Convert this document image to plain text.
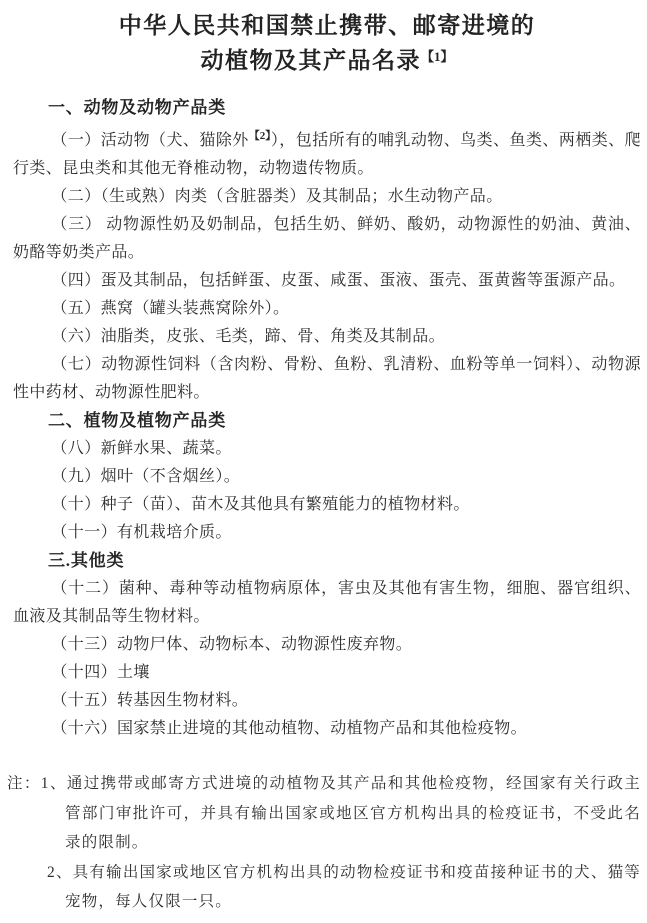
中华人民共和国禁止携带、邮寄进境的
动植物及其产品名录$^{【1】}$
一、动物及动物产品类

（一）活动物（犬、猫除外$^{【2】}$），包括所有的哺乳动物、鸟类、鱼类、两栖类、爬行类、昆虫类和其他无脊椎动物，动物遗传物质。

（二）（生或熟）肉类（含脏器类）及其制品；水生动物产品。

（三） 动物源性奶及奶制品，包括生奶、鲜奶、酸奶，动物源性的奶油、黄油、奶酪等奶类产品。

（四）蛋及其制品，包括鲜蛋、皮蛋、咸蛋、蛋液、蛋壳、蛋黄酱等蛋源产品。

（五）燕窝（罐头装燕窝除外）。

（六）油脂类，皮张、毛类，蹄、骨、角类及其制品。

（七）动物源性饲料（含肉粉、骨粉、鱼粉、乳清粉、血粉等单一饲料）、动物源性中药材、动物源性肥料。

二、植物及植物产品类

（八）新鲜水果、蔬菜。

（九）烟叶（不含烟丝）。

（十）种子（苗）、苗木及其他具有繁殖能力的植物材料。

（十一）有机栽培介质。

三.其他类

（十二）菌种、毒种等动植物病原体，害虫及其他有害生物，细胞、器官组织、血液及其制品等生物材料。

（十三）动物尸体、动物标本、动物源性废弃物。

（十四）土壤

（十五）转基因生物材料。

（十六）国家禁止进境的其他动植物、动植物产品和其他检疫物。

注：1、通过携带或邮寄方式进境的动植物及其产品和其他检疫物，经国家有关行政主管部门审批许可，并具有输出国家或地区官方机构出具的检疫证书，不受此名录的限制。

2、具有输出国家或地区官方机构出具的动物检疫证书和疫苗接种证书的犬、猫等宠物，每人仅限一只。
